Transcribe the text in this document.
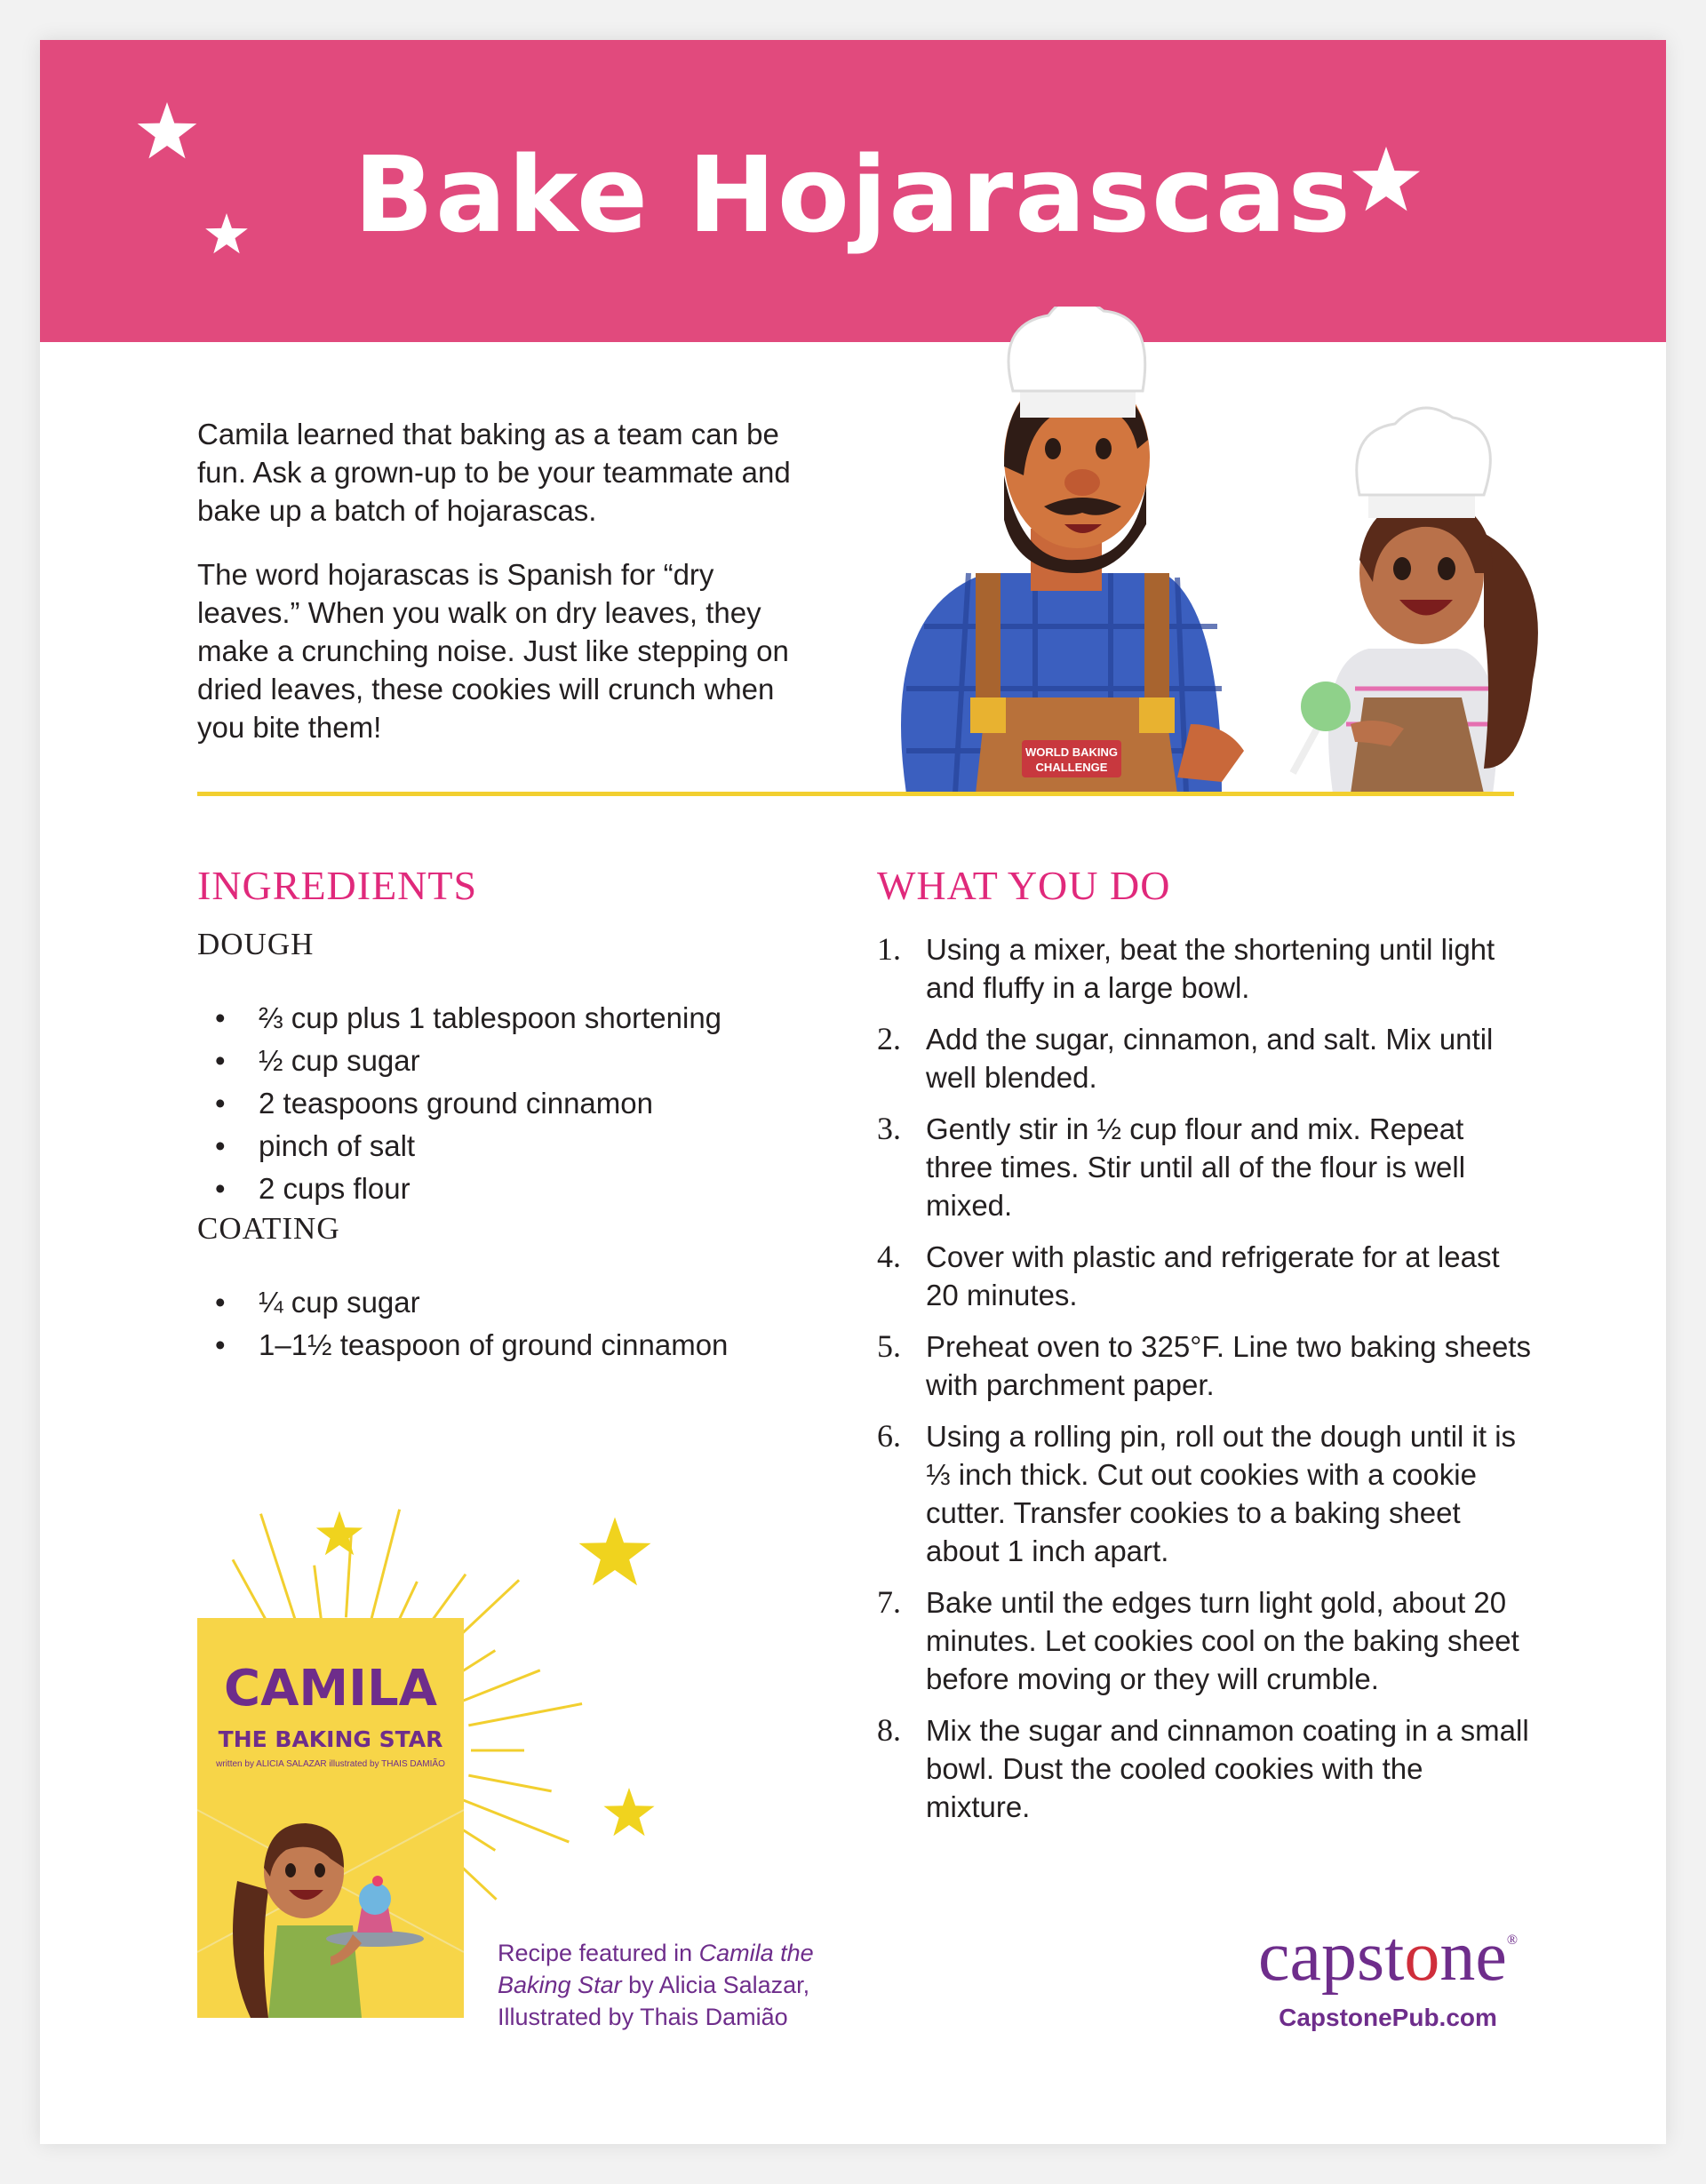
Bake Hojarascas

Camila learned that baking as a team can be fun. Ask a grown-up to be your teammate and bake up a batch of hojarascas.

The word hojarascas is Spanish for “dry leaves.” When you walk on dry leaves, they make a crunching noise. Just like stepping on dried leaves, these cookies will crunch when you bite them!

WORLD BAKING
CHALLENGE
INGREDIENTS
DOUGH
• ⅔ cup plus 1 tablespoon shortening
• ½ cup sugar
• 2 teaspoons ground cinnamon
• pinch of salt
• 2 cups flour
COATING
• ¼ cup sugar
• 1–1½ teaspoon of ground cinnamon
WHAT YOU DO
1. Using a mixer, beat the shortening until light and fluffy in a large bowl.
2. Add the sugar, cinnamon, and salt. Mix until well blended.
3. Gently stir in ½ cup flour and mix. Repeat three times. Stir until all of the flour is well mixed.
4. Cover with plastic and refrigerate for at least 20 minutes.
5. Preheat oven to 325°F. Line two baking sheets with parchment paper.
6. Using a rolling pin, roll out the dough until it is ⅓ inch thick. Cut out cookies with a cookie cutter. Transfer cookies to a baking sheet about 1 inch apart.
7. Bake until the edges turn light gold, about 20 minutes. Let cookies cool on the baking sheet before moving or they will crumble.
8. Mix the sugar and cinnamon coating in a small bowl. Dust the cooled cookies with the mixture.
CAMILA
THE BAKING STAR
written by ALICIA SALAZAR illustrated by THAIS DAMIÃO
Recipe featured in Camila the Baking Star by Alicia Salazar, Illustrated by Thais Damião
capstone®
CapstonePub.com
